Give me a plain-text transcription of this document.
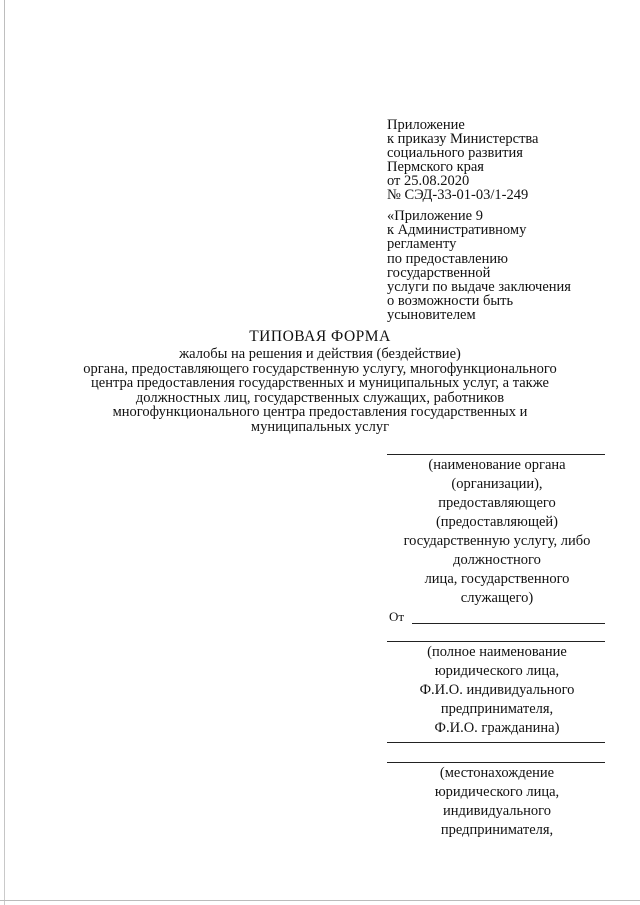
Приложение
к приказу Министерства
социального развития
Пермского края
от 25.08.2020
№ СЭД-33-01-03/1-249
«Приложение 9
к Административному
регламенту
по предоставлению
государственной
услуги по выдаче заключения
о возможности быть
усыновителем
ТИПОВАЯ ФОРМА
жалобы на решения и действия (бездействие)
органа, предоставляющего государственную услугу, многофункционального
центра предоставления государственных и муниципальных услуг, а также
должностных лиц, государственных служащих, работников
многофункционального центра предоставления государственных и
муниципальных услуг
(наименование органа
(организации),
предоставляющего
(предоставляющей)
государственную услугу, либо
должностного
лица, государственного
служащего)
От
(полное наименование
юридического лица,
Ф.И.О. индивидуального
предпринимателя,
Ф.И.О. гражданина)
(местонахождение
юридического лица,
индивидуального
предпринимателя,
